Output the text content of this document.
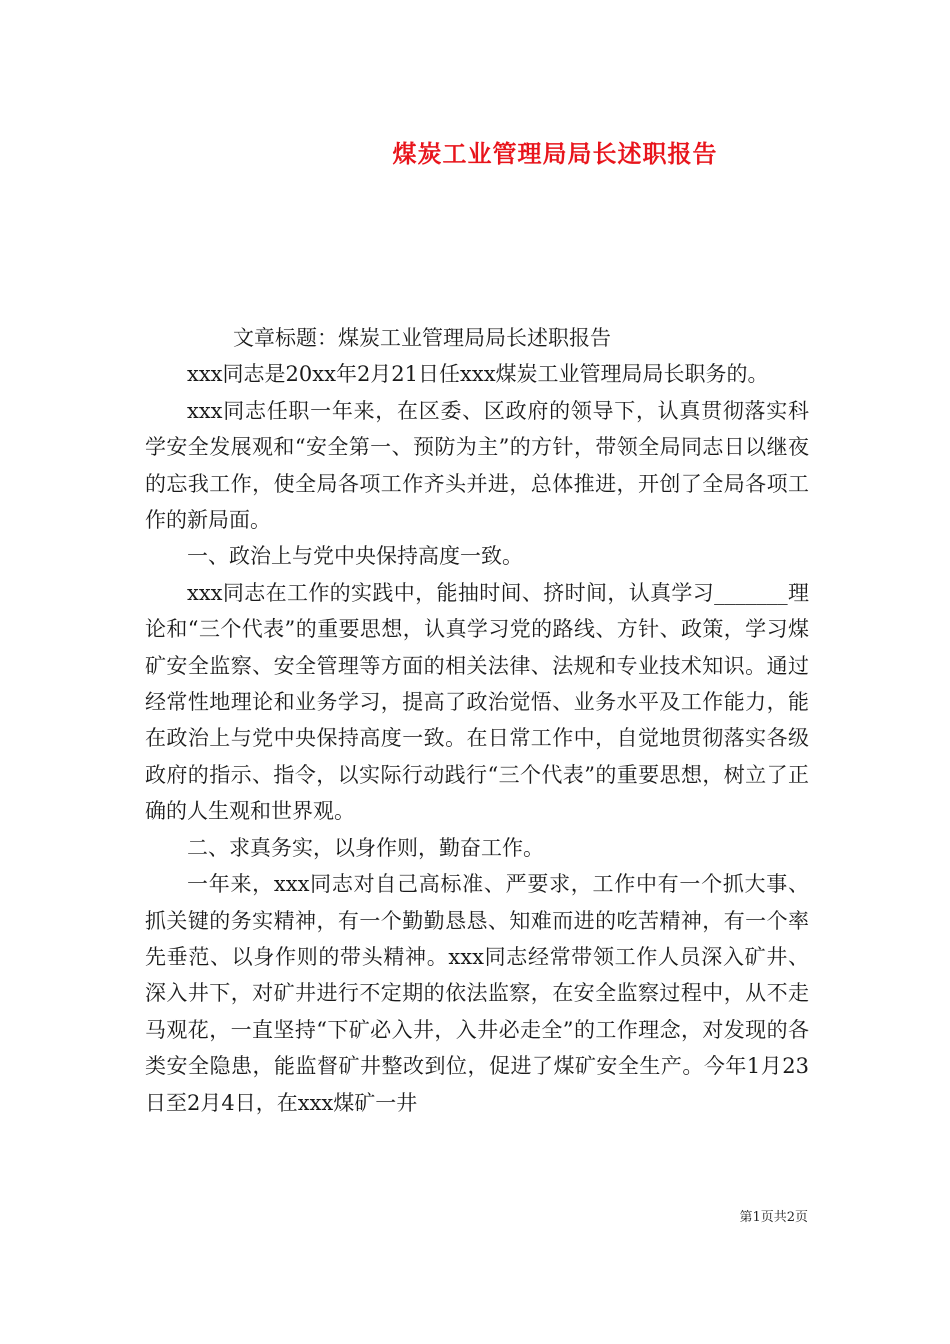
煤炭工业管理局局长述职报告

文章标题：煤炭工业管理局局长述职报告

xxx同志是20xx年2月21日任xxx煤炭工业管理局局长职务的。

xxx同志任职一年来，在区委、区政府的领导下，认真贯彻落实科学安全发展观和“安全第一、预防为主”的方针，带领全局同志日以继夜的忘我工作，使全局各项工作齐头并进，总体推进，开创了全局各项工作的新局面。

一、政治上与党中央保持高度一致。

xxx同志在工作的实践中，能抽时间、挤时间，认真学习_______理论和“三个代表”的重要思想，认真学习党的路线、方针、政策，学习煤矿安全监察、安全管理等方面的相关法律、法规和专业技术知识。通过经常性地理论和业务学习，提高了政治觉悟、业务水平及工作能力，能在政治上与党中央保持高度一致。在日常工作中，自觉地贯彻落实各级政府的指示、指令，以实际行动践行“三个代表”的重要思想，树立了正确的人生观和世界观。

二、求真务实，以身作则，勤奋工作。

一年来，xxx同志对自己高标准、严要求，工作中有一个抓大事、抓关键的务实精神，有一个勤勤恳恳、知难而进的吃苦精神，有一个率先垂范、以身作则的带头精神。xxx同志经常带领工作人员深入矿井、深入井下，对矿井进行不定期的依法监察，在安全监察过程中，从不走马观花，一直坚持“下矿必入井，入井必走全”的工作理念，对发现的各类安全隐患，能监督矿井整改到位，促进了煤矿安全生产。今年1月23日至2月4日，在xxx煤矿一井

第1页共2页
